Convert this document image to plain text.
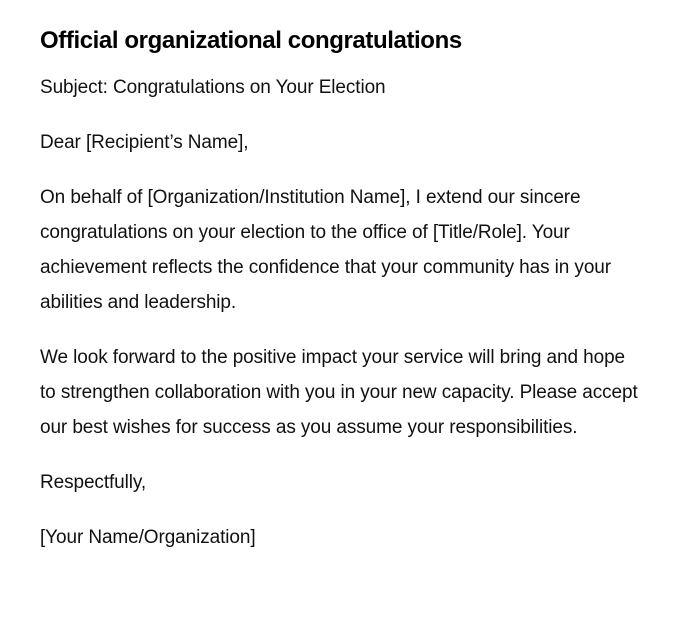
Official organizational congratulations

Subject: Congratulations on Your Election

Dear [Recipient’s Name],

On behalf of [Organization/Institution Name], I extend our sincere congratulations on your election to the office of [Title/Role]. Your achievement reflects the confidence that your community has in your abilities and leadership.

We look forward to the positive impact your service will bring and hope to strengthen collaboration with you in your new capacity. Please accept our best wishes for success as you assume your responsibilities.

Respectfully,

[Your Name/Organization]
